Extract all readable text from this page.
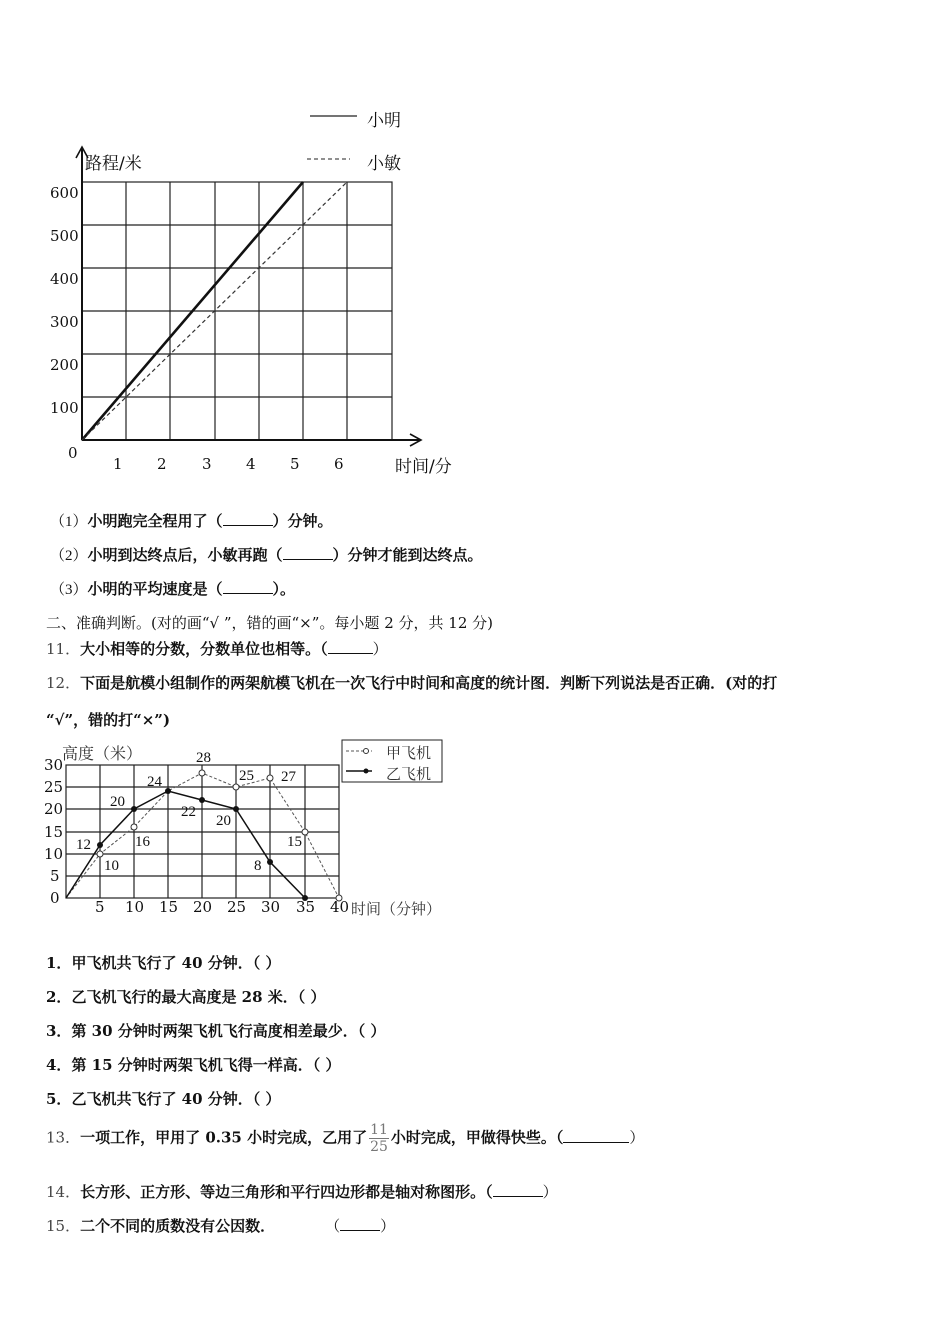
小明
小敏
路程/米
时间/分
0
600
500
400
300
200
100
1 2 3 4 5 6
（1）小明跑完全程用了（	）分钟。
（2）小明到达终点后，小敏再跑（	）分钟才能到达终点。
（3）小明的平均速度是（	）。
二、准确判断。(对的画“√ ”，错的画“×”。每小题 2 分，共 12 分)
11．大小相等的分数，分数单位也相等。（	）
12．下面是航模小组制作的两架航模飞机在一次飞行中时间和高度的统计图．判断下列说法是否正确．(对的打
“√”，错的打“×”)
12
10
20
16
24
28
22
20
25 27
8
15
高度（米）	甲飞机
乙飞机
时间（分钟）
30
25
20
15
10
5
0 5 10 15 20 25 30 35 40
1．甲飞机共飞行了 40 分钟．（ ）
2．乙飞机飞行的最大高度是 28 米．（ ）
3．第 30 分钟时两架飞机飞行高度相差最少．（ ）
4．第 15 分钟时两架飞机飞得一样高．（ ）
5．乙飞机共飞行了 40 分钟．（ ）
13．一项工作，甲用了 0.35 小时完成，乙用了 $\frac{11}{25}$ 小时完成，甲做得快些。（	）
14．长方形、正方形、等边三角形和平行四边形都是轴对称图形。（	）
15．二个不同的质数没有公因数．	（	）
